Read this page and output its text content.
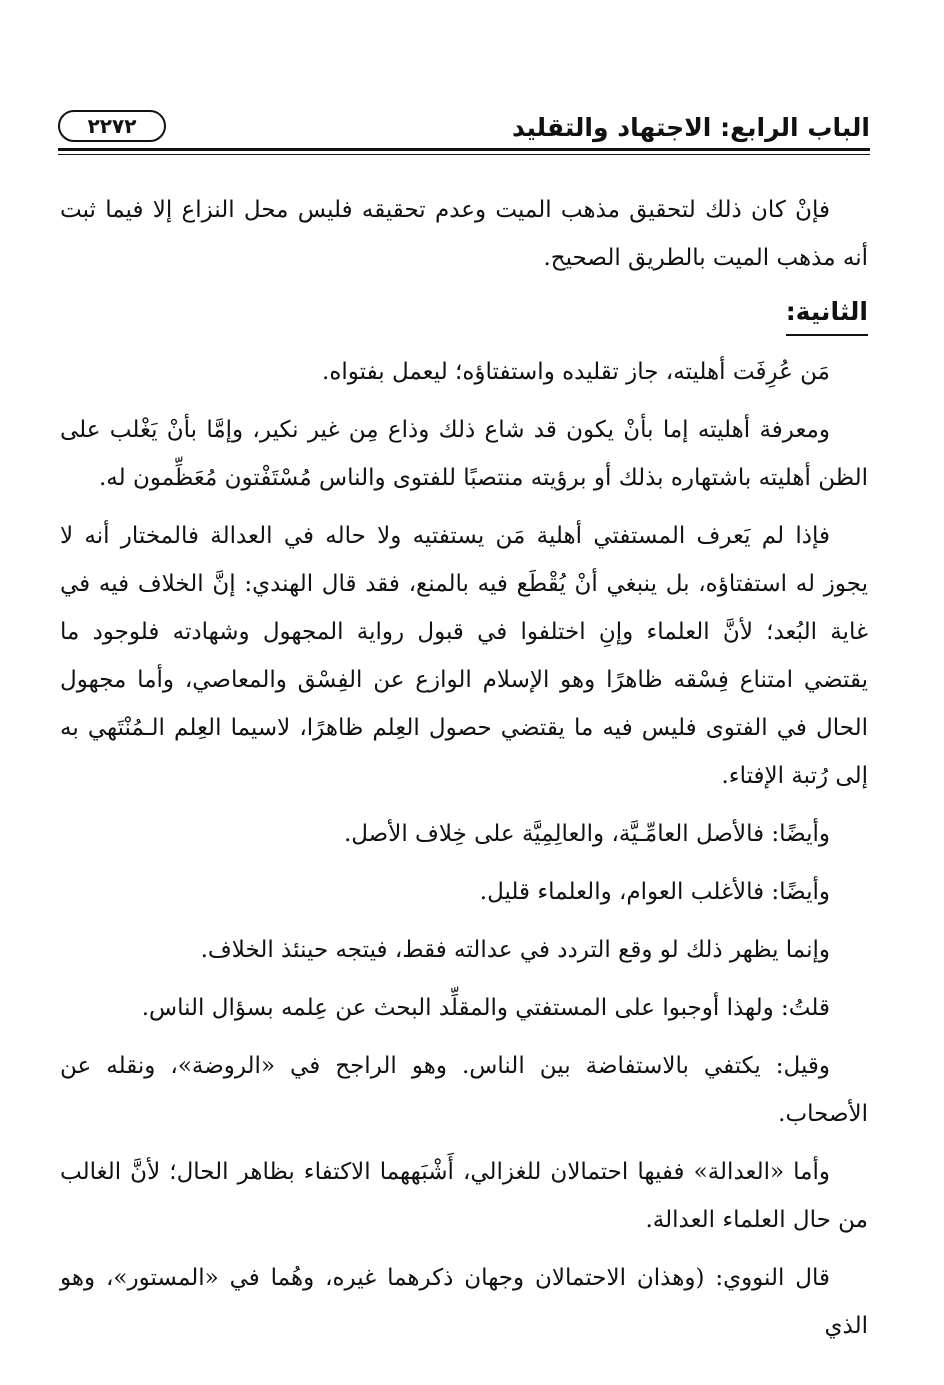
الباب الرابع: الاجتهاد والتقليد
٢٢٧٢

فإنْ كان ذلك لتحقيق مذهب الميت وعدم تحقيقه فليس محل النزاع إلا فيما ثبت أنه مذهب الميت بالطريق الصحيح.

الثانية:

مَن عُرِفَت أهليته، جاز تقليده واستفتاؤه؛ ليعمل بفتواه.

ومعرفة أهليته إما بأنْ يكون قد شاع ذلك وذاع مِن غير نكير، وإمَّا بأنْ يَغْلب على الظن أهليته باشتهاره بذلك أو برؤيته منتصبًا للفتوى والناس مُسْتَفْتون مُعَظِّمون له.

فإذا لم يَعرف المستفتي أهلية مَن يستفتيه ولا حاله في العدالة فالمختار أنه لا يجوز له استفتاؤه، بل ينبغي أنْ يُقْطَع فيه بالمنع، فقد قال الهندي: إنَّ الخلاف فيه في غاية البُعد؛ لأنَّ العلماء وإنِ اختلفوا في قبول رواية المجهول وشهادته فلوجود ما يقتضي امتناع فِسْقه ظاهرًا وهو الإسلام الوازع عن الفِسْق والمعاصي، وأما مجهول الحال في الفتوى فليس فيه ما يقتضي حصول العِلم ظاهرًا، لاسيما العِلم الـمُنْتَهي به إلى رُتبة الإفتاء.

وأيضًا: فالأصل العامِّـيَّة، والعالِمِيَّة على خِلاف الأصل.

وأيضًا: فالأغلب العوام، والعلماء قليل.

وإنما يظهر ذلك لو وقع التردد في عدالته فقط، فيتجه حينئذ الخلاف.

قلتُ: ولهذا أوجبوا على المستفتي والمقلِّد البحث عن عِلمه بسؤال الناس.

وقيل: يكتفي بالاستفاضة بين الناس. وهو الراجح في «الروضة»، ونقله عن الأصحاب.

وأما «العدالة» ففيها احتمالان للغزالي، أَشْبَههما الاكتفاء بظاهر الحال؛ لأنَّ الغالب من حال العلماء العدالة.

قال النووي: (وهذان الاحتمالان وجهان ذكرهما غيره، وهُما في «المستور»، وهو الذي
